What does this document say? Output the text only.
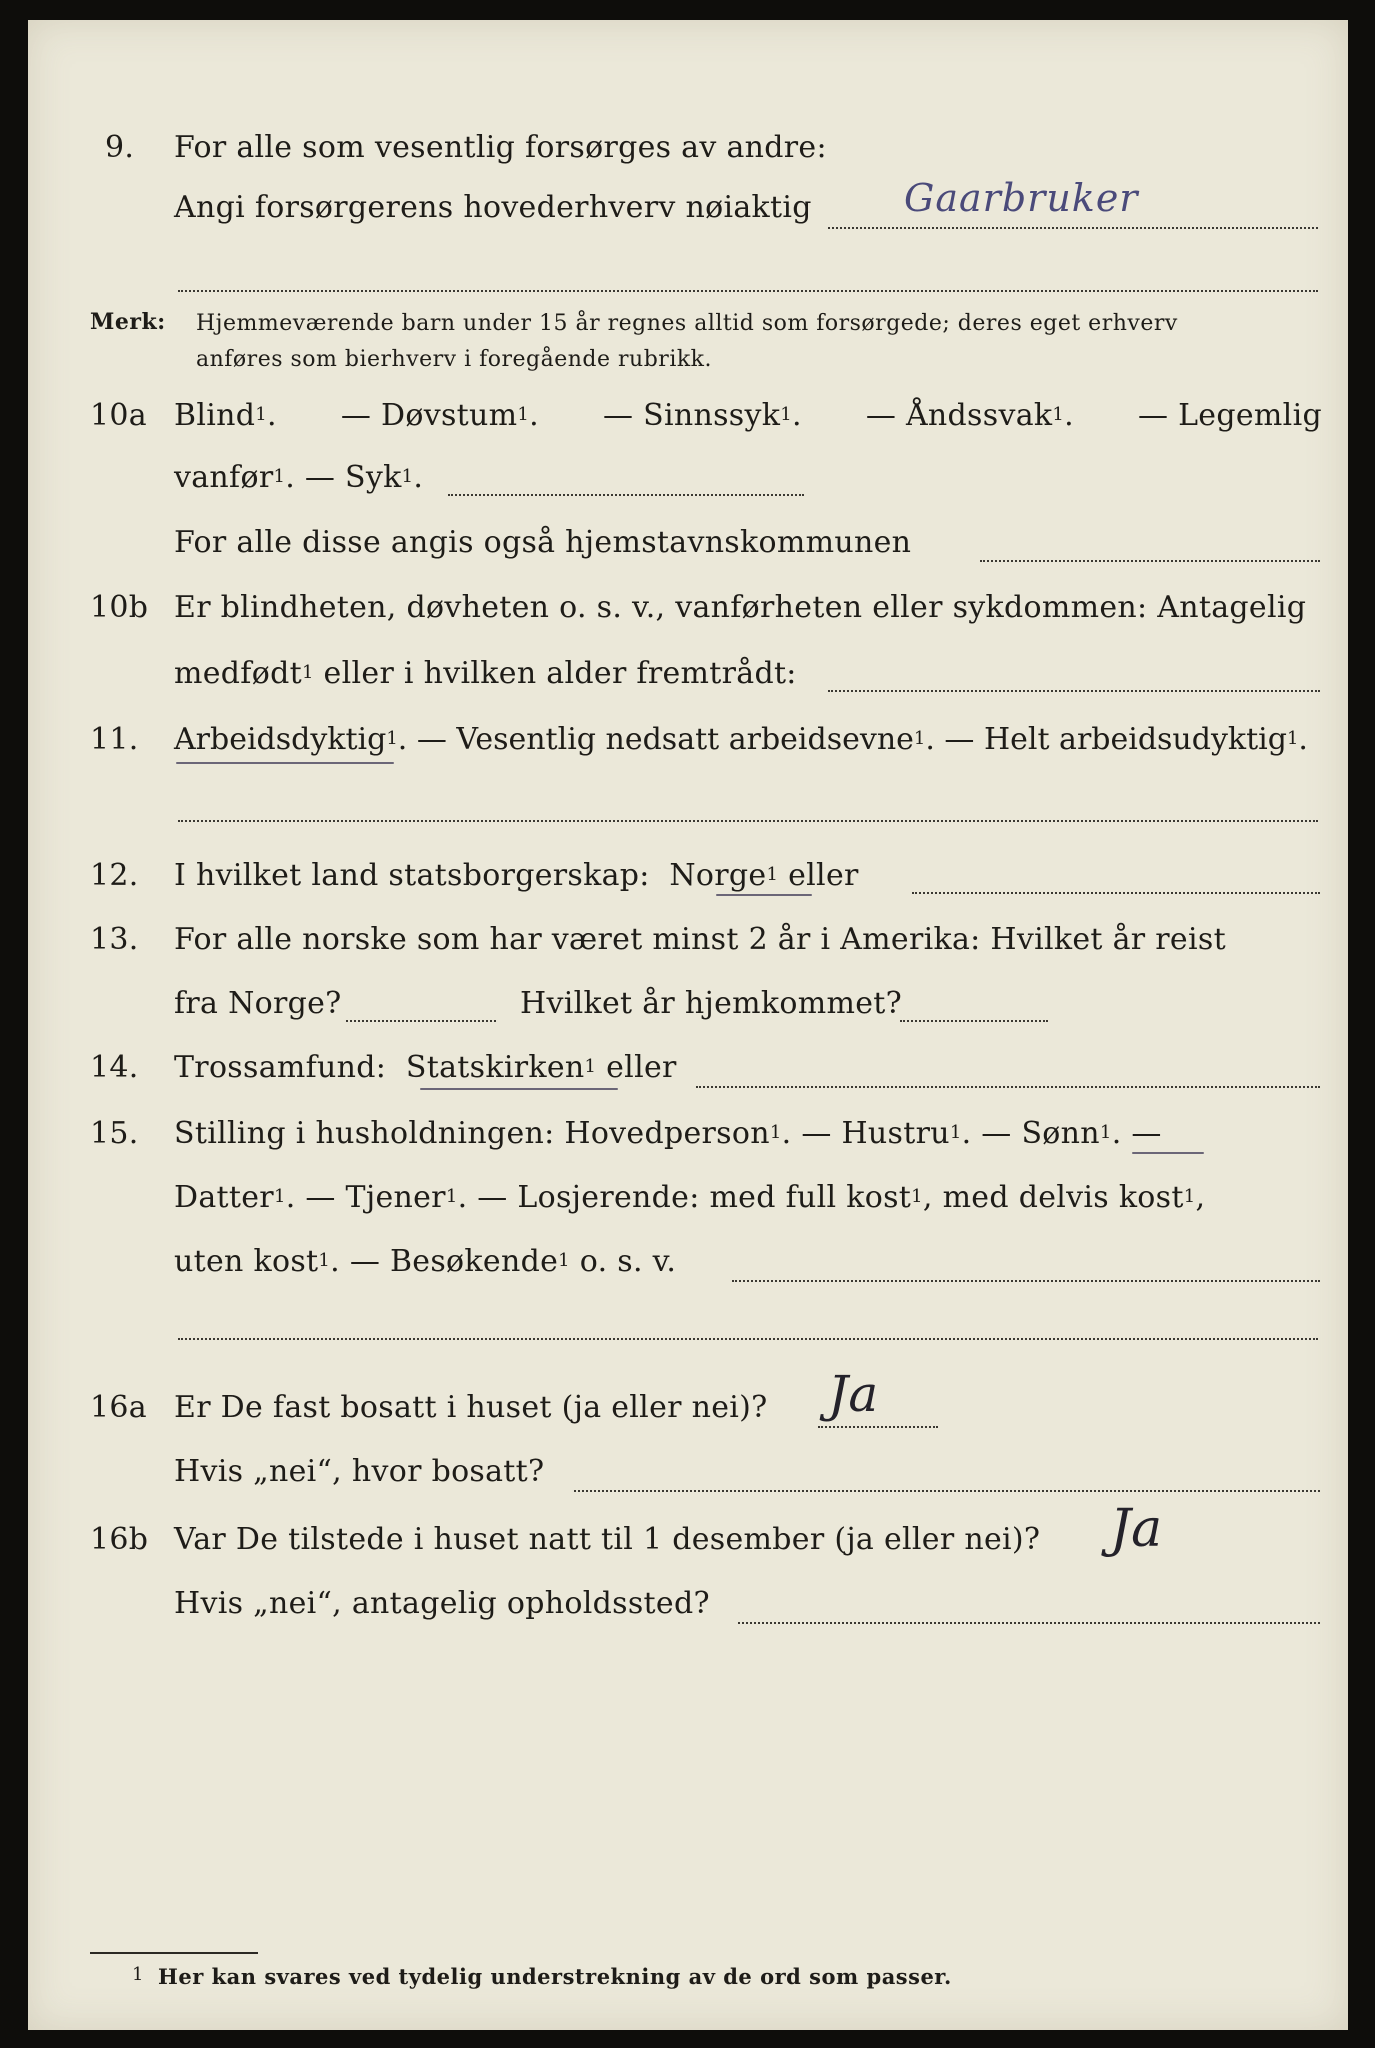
9. For alle som vesentlig forsørges av andre:
Angi forsørgerens hovederhverv nøiaktig Gaarbruker
Merk: Hjemmeværende barn under 15 år regnes alltid som forsørgede; deres eget erhverv
anføres som bierhverv i foregående rubrikk.
10a Blind$^1$. — Døvstum$^1$. — Sinnssyk$^1$. — Åndssvak$^1$. — Legemlig
vanfør$^1$. — Syk$^1$.
For alle disse angis også hjemstavnskommunen
10b Er blindheten, døvheten o. s. v., vanførheten eller sykdommen: Antagelig
medfødt$^1$ eller i hvilken alder fremtrådt:
11. Arbeidsdyktig$^1$. — Vesentlig nedsatt arbeidsevne$^1$. — Helt arbeidsudyktig$^1$.
12. I hvilket land statsborgerskap: Norge$^1$ eller
13. For alle norske som har været minst 2 år i Amerika: Hvilket år reist
fra Norge?	Hvilket år hjemkommet?
14. Trossamfund: Statskirken$^1$ eller
15. Stilling i husholdningen: Hovedperson$^1$. — Hustru$^1$. — Sønn$^1$. —
Datter$^1$. — Tjener$^1$. — Losjerende: med full kost$^1$, med delvis kost$^1$,
uten kost$^1$. — Besøkende$^1$ o. s. v.
16a Er De fast bosatt i huset (ja eller nei)? Ja
Hvis „nei“, hvor bosatt?
16b Var De tilstede i huset natt til 1 desember (ja eller nei)? Ja
Hvis „nei“, antagelig opholdssted?
1 Her kan svares ved tydelig understrekning av de ord som passer.
